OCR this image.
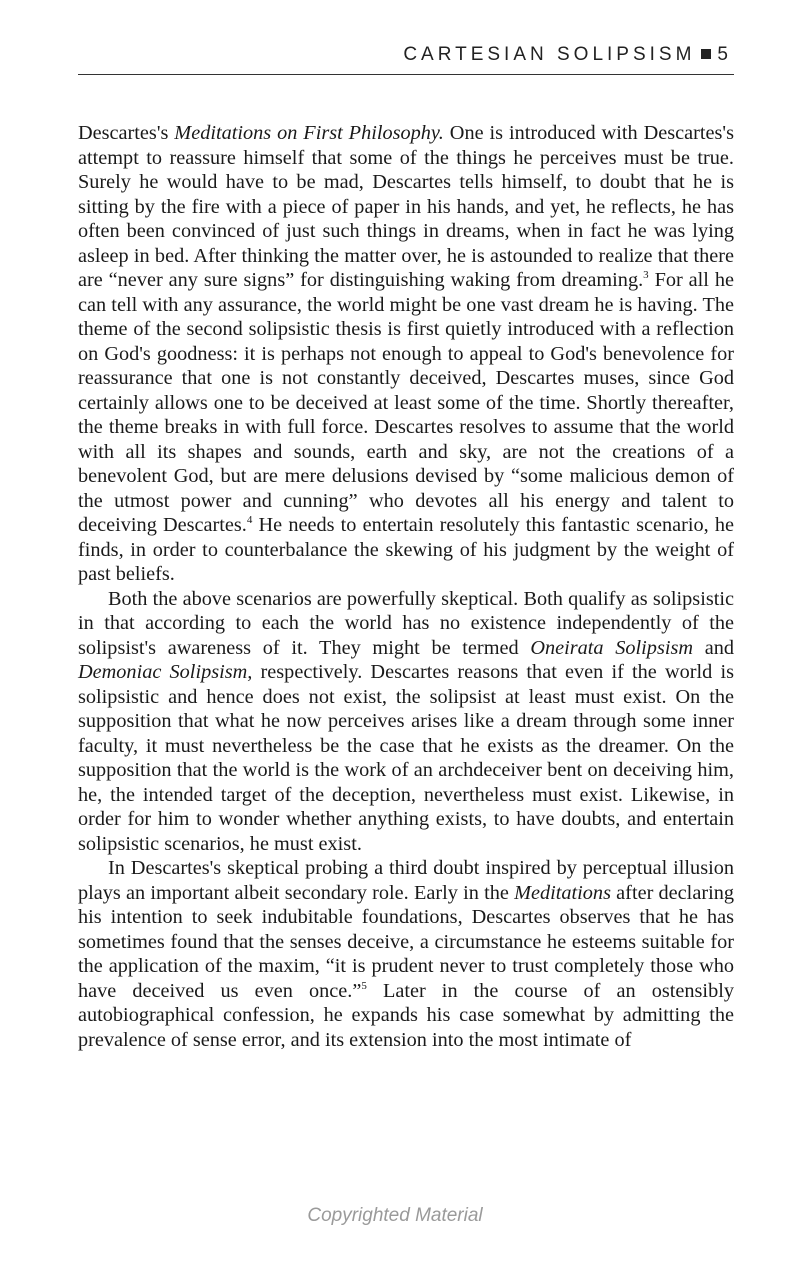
CARTESIAN SOLIPSISM 5

Descartes's Meditations on First Philosophy. One is introduced with Descartes's attempt to reassure himself that some of the things he perceives must be true. Surely he would have to be mad, Descartes tells himself, to doubt that he is sitting by the fire with a piece of paper in his hands, and yet, he reflects, he has often been convinced of just such things in dreams, when in fact he was lying asleep in bed. After thinking the matter over, he is astounded to realize that there are “never any sure signs” for distinguishing waking from dreaming.$^3$ For all he can tell with any assurance, the world might be one vast dream he is having. The theme of the second solipsistic thesis is first quietly introduced with a reflection on God's goodness: it is perhaps not enough to appeal to God's benevolence for reassurance that one is not constantly deceived, Descartes muses, since God certainly allows one to be deceived at least some of the time. Shortly thereafter, the theme breaks in with full force. Descartes resolves to assume that the world with all its shapes and sounds, earth and sky, are not the creations of a benevolent God, but are mere delusions devised by “some malicious demon of the utmost power and cunning” who devotes all his energy and talent to deceiving Descartes.$^4$ He needs to entertain resolutely this fantastic scenario, he finds, in order to counterbalance the skewing of his judgment by the weight of past beliefs.

Both the above scenarios are powerfully skeptical. Both qualify as solipsistic in that according to each the world has no existence independently of the solipsist's awareness of it. They might be termed Oneirata Solipsism and Demoniac Solipsism, respectively. Descartes reasons that even if the world is solipsistic and hence does not exist, the solipsist at least must exist. On the supposition that what he now perceives arises like a dream through some inner faculty, it must nevertheless be the case that he exists as the dreamer. On the supposition that the world is the work of an archdeceiver bent on deceiving him, he, the intended target of the deception, nevertheless must exist. Likewise, in order for him to wonder whether anything exists, to have doubts, and entertain solipsistic scenarios, he must exist.

In Descartes's skeptical probing a third doubt inspired by perceptual illusion plays an important albeit secondary role. Early in the Meditations after declaring his intention to seek indubitable foundations, Descartes observes that he has sometimes found that the senses deceive, a circumstance he esteems suitable for the application of the maxim, “it is prudent never to trust completely those who have deceived us even once.”$^5$ Later in the course of an ostensibly autobiographical confession, he expands his case somewhat by admitting the prevalence of sense error, and its extension into the most intimate of

Copyrighted Material
